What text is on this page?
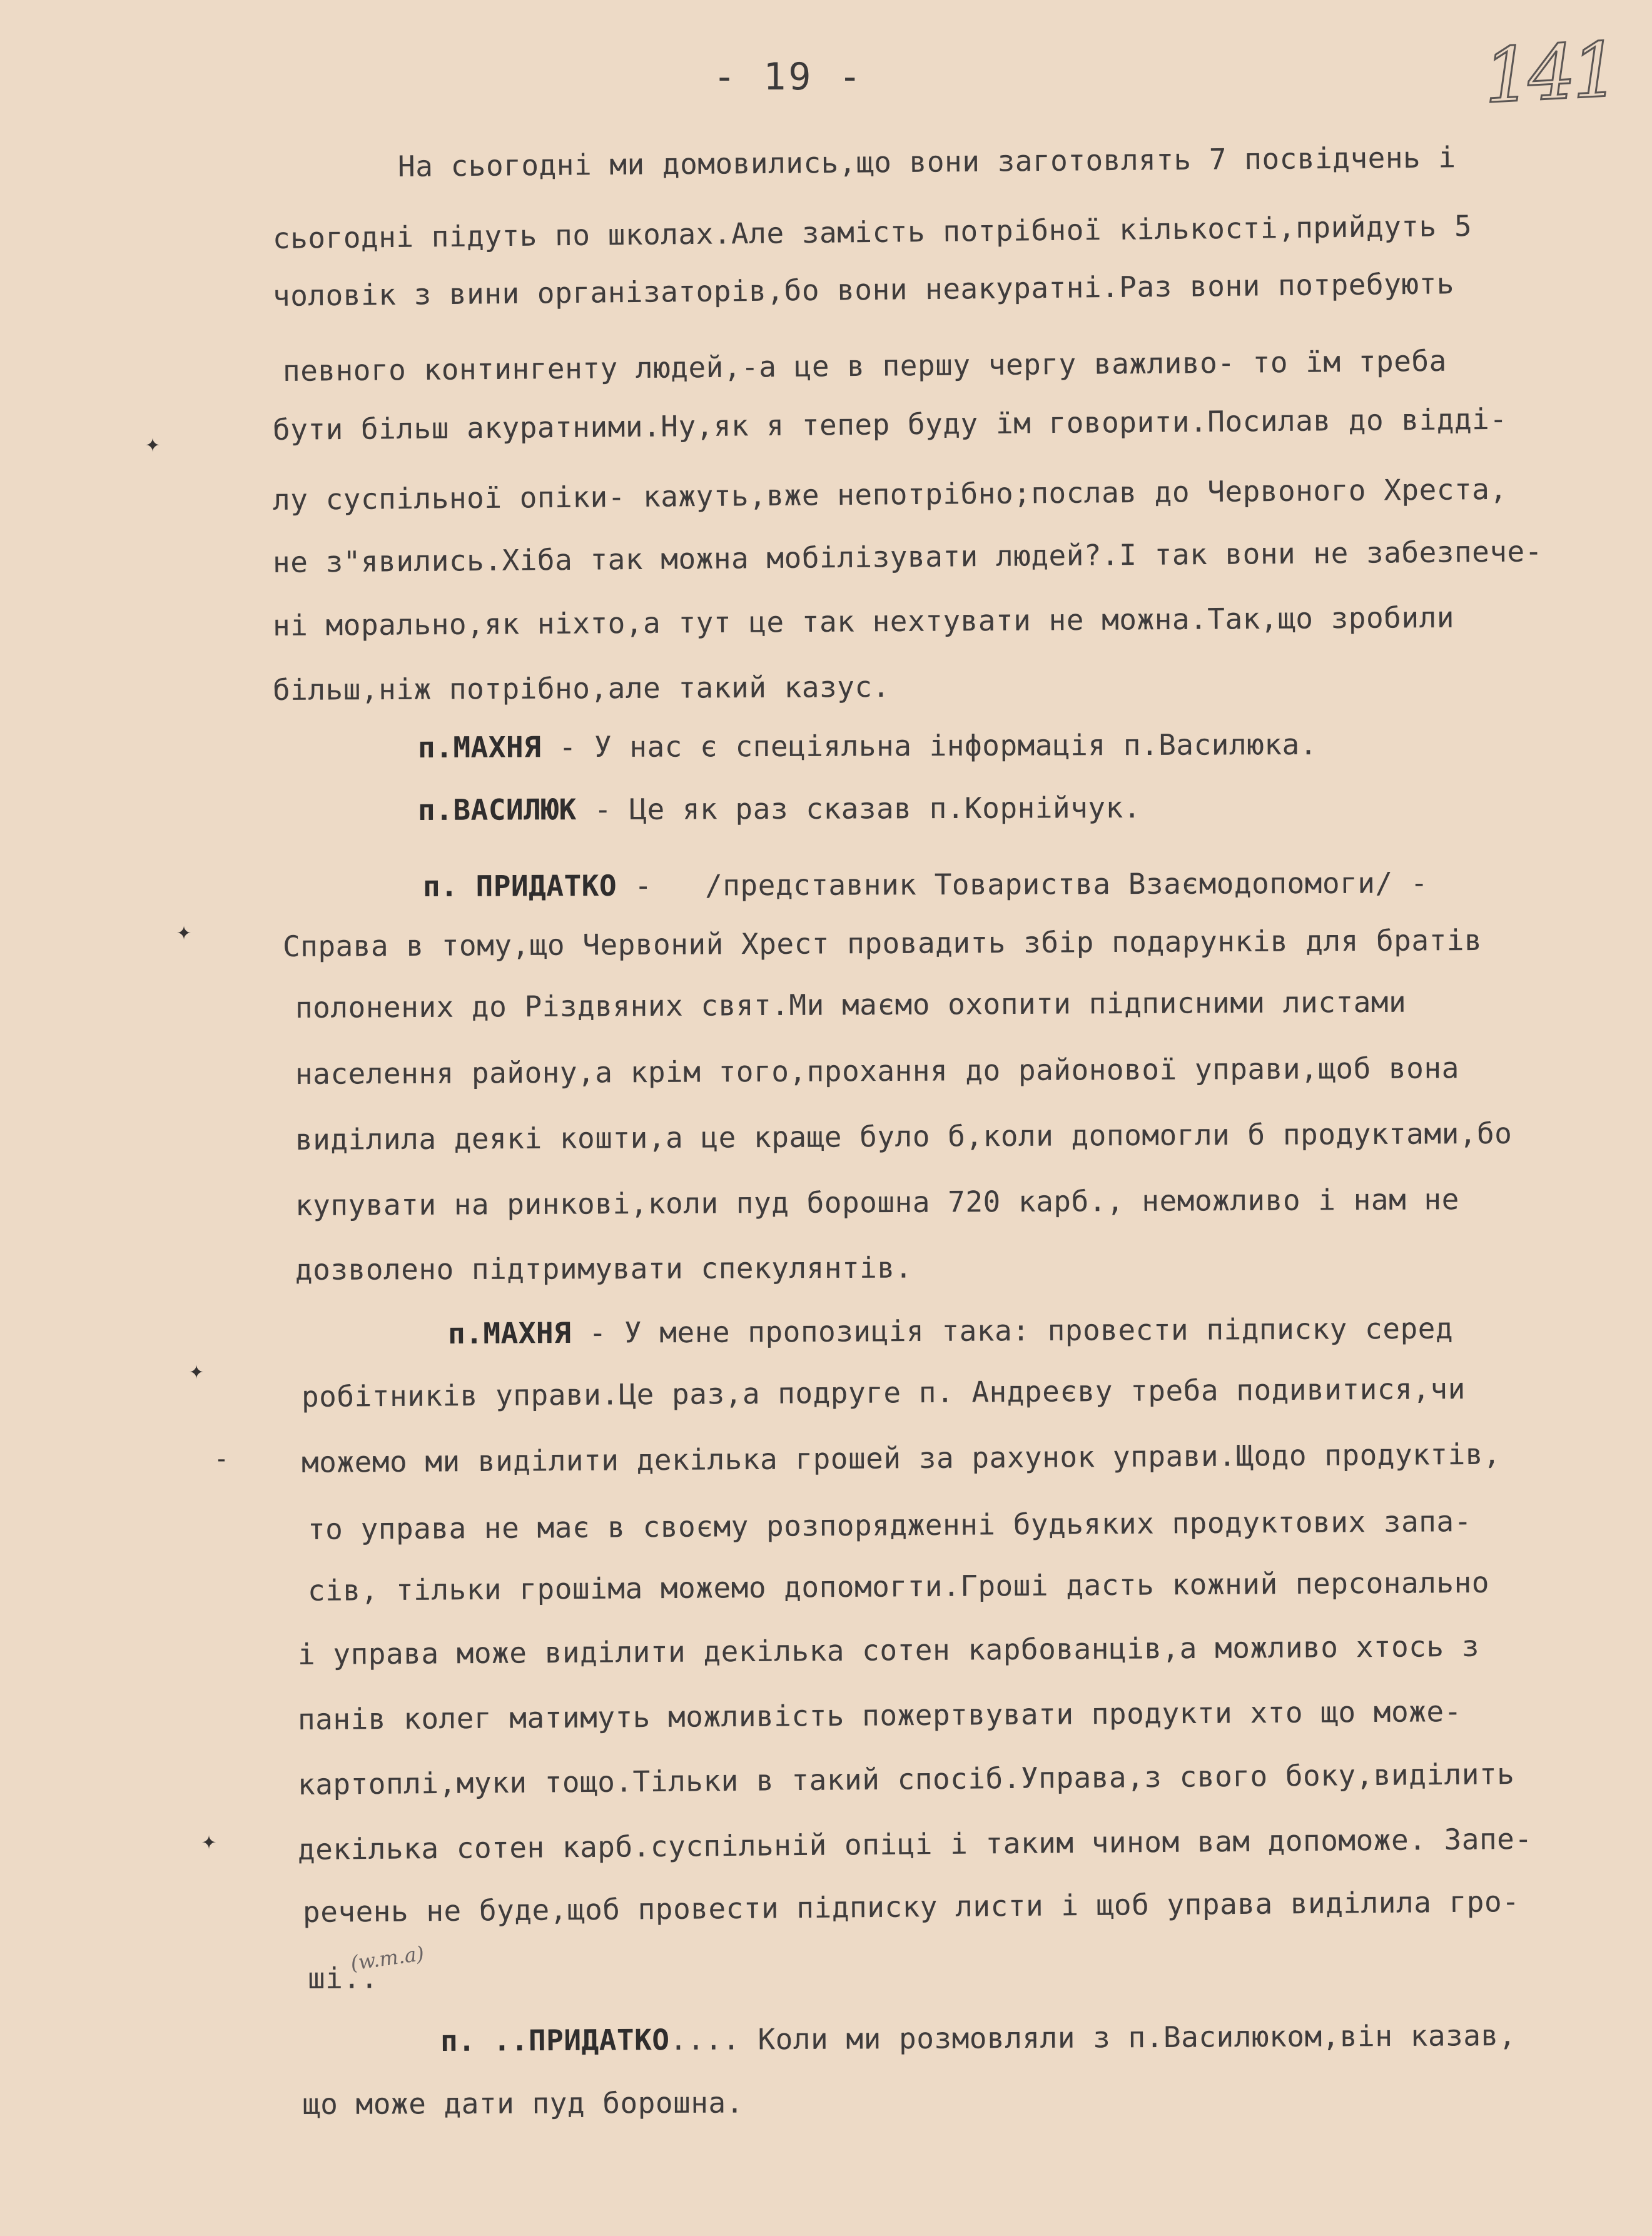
- 19 -	141
На сьогодні ми домовились,що вони заготовлять 7 посвідчень і
сьогодні підуть по школах.Але замість потрібної кількості,прийдуть 5
чоловік з вини організаторів,бо вони неакуратні.Раз вони потребують
певного контингенту людей,-а це в першу чергу важливо- то їм треба
бути більш акуратними.Ну,як я тепер буду їм говорити.Посилав до відді-
лу суспільної опіки- кажуть,вже непотрібно;послав до Червоного Хреста,
не з"явились.Хіба так можна мобілізувати людей?.І так вони не забезпече-
ні морально,як ніхто,а тут це так нехтувати не можна.Так,що зробили
більш,ніж потрібно,але такий казус.
п.МАХНЯ - У нас є спеціяльна інформація п.Василюка.
п.ВАСИЛЮК - Це як раз сказав п.Корнійчук.
п. ПРИДАТКО -   /представник Товариства Взаємодопомоги/ -
Справа в тому,що Червоний Хрест провадить збір подарунків для братів
полонених до Різдвяних свят.Ми маємо охопити підписними листами
населення району,а крім того,прохання до районової управи,щоб вона
виділила деякі кошти,а це краще було б,коли допомогли б продуктами,бо
купувати на ринкові,коли пуд борошна 720 карб., неможливо і нам не
дозволено підтримувати спекулянтів.
п.МАХНЯ - У мене пропозиція така: провести підписку серед
робітників управи.Це раз,а подруге п. Андреєву треба подивитися,чи
можемо ми виділити декілька грошей за рахунок управи.Щодо продуктів,
то управа не має в своєму розпорядженні будьяких продуктових запа-
сів, тільки грошіма можемо допомогти.Гроші дасть кожний персонально
і управа може виділити декілька сотен карбованців,а можливо хтось з
панів колег матимуть можливість пожертвувати продукти хто що може-
картоплі,муки тощо.Тільки в такий спосіб.Управа,з свого боку,виділить
декілька сотен карб.суспільній опіці і таким чином вам допоможе. Запе-
речень не буде,щоб провести підписку листи і щоб управа виділила гро-
ші..
п. ..ПРИДАТКО.... Коли ми розмовляли з п.Василюком,він казав,
що може дати пуд борошна.
(w.m.a)
✦
✦
✦
-
✦
